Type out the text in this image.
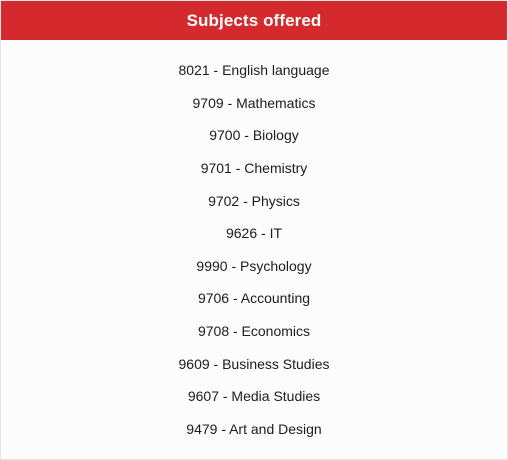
Subjects offered
8021 - English language
9709 - Mathematics
9700 - Biology
9701 - Chemistry
9702 - Physics
9626 - IT
9990 - Psychology
9706 - Accounting
9708 - Economics
9609 - Business Studies
9607 - Media Studies
9479 - Art and Design
